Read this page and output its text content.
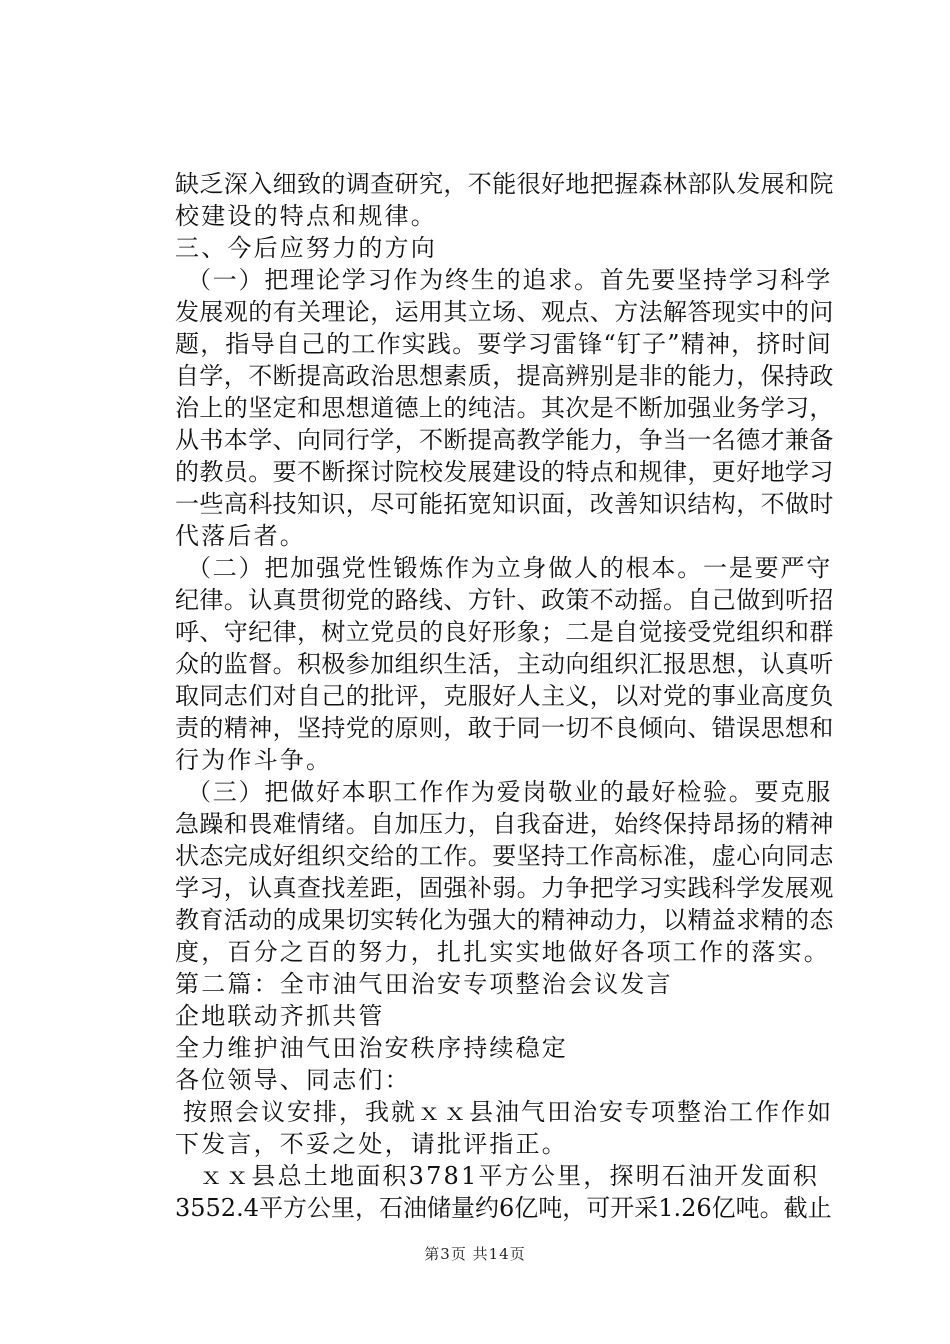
缺乏深入细致的调查研究，不能很好地把握森林部队发展和院
校建设的特点和规律。
三、今后应努力的方向
（一）把理论学习作为终生的追求。首先要坚持学习科学
发展观的有关理论，运用其立场、观点、方法解答现实中的问
题，指导自己的工作实践。要学习雷锋“钉子”精神，挤时间
自学，不断提高政治思想素质，提高辨别是非的能力，保持政
治上的坚定和思想道德上的纯洁。其次是不断加强业务学习，
从书本学、向同行学，不断提高教学能力，争当一名德才兼备
的教员。要不断探讨院校发展建设的特点和规律，更好地学习
一些高科技知识，尽可能拓宽知识面，改善知识结构，不做时
代落后者。
（二）把加强党性锻炼作为立身做人的根本。一是要严守
纪律。认真贯彻党的路线、方针、政策不动摇。自己做到听招
呼、守纪律，树立党员的良好形象；二是自觉接受党组织和群
众的监督。积极参加组织生活，主动向组织汇报思想，认真听
取同志们对自己的批评，克服好人主义，以对党的事业高度负
责的精神，坚持党的原则，敢于同一切不良倾向、错误思想和
行为作斗争。
（三）把做好本职工作作为爱岗敬业的最好检验。要克服
急躁和畏难情绪。自加压力，自我奋进，始终保持昂扬的精神
状态完成好组织交给的工作。要坚持工作高标准，虚心向同志
学习，认真查找差距，固强补弱。力争把学习实践科学发展观
教育活动的成果切实转化为强大的精神动力，以精益求精的态
度，百分之百的努力，扎扎实实地做好各项工作的落实。
第二篇：全市油气田治安专项整治会议发言
企地联动齐抓共管
全力维护油气田治安秩序持续稳定
各位领导、同志们：
按照会议安排，我就ｘｘ县油气田治安专项整治工作作如
下发言，不妥之处，请批评指正。
ｘｘ县总土地面积3781平方公里，探明石油开发面积
3552.4平方公里，石油储量约6亿吨，可开采1.26亿吨。截止
第3页 共14页
